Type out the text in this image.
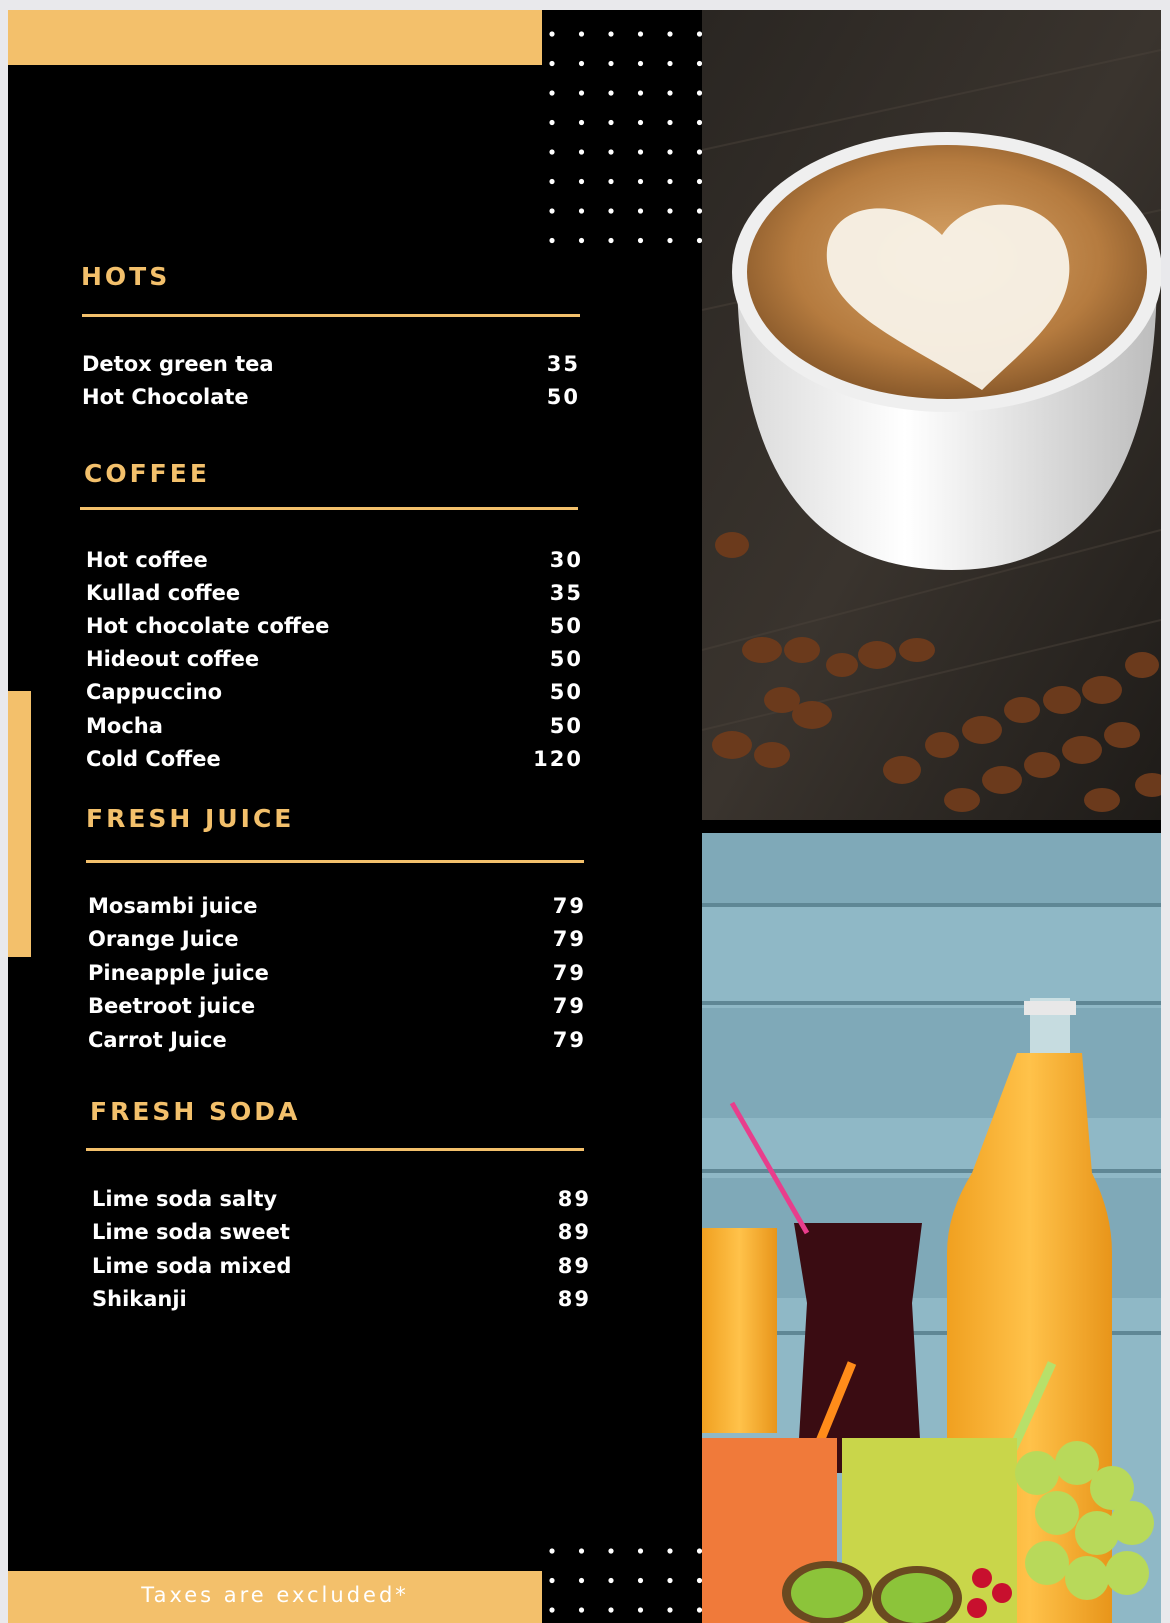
HOTS
Detox green tea	35
Hot Chocolate	50
COFFEE
Hot coffee	30
Kullad coffee	35
Hot chocolate coffee	50
Hideout coffee	50
Cappuccino	50
Mocha	50
Cold Coffee	120
FRESH JUICE
Mosambi juice	79
Orange Juice	79
Pineapple juice	79
Beetroot juice	79
Carrot Juice	79
FRESH SODA
Lime soda salty	89
Lime soda sweet	89
Lime soda mixed	89
Shikanji	89
Taxes are excluded*
